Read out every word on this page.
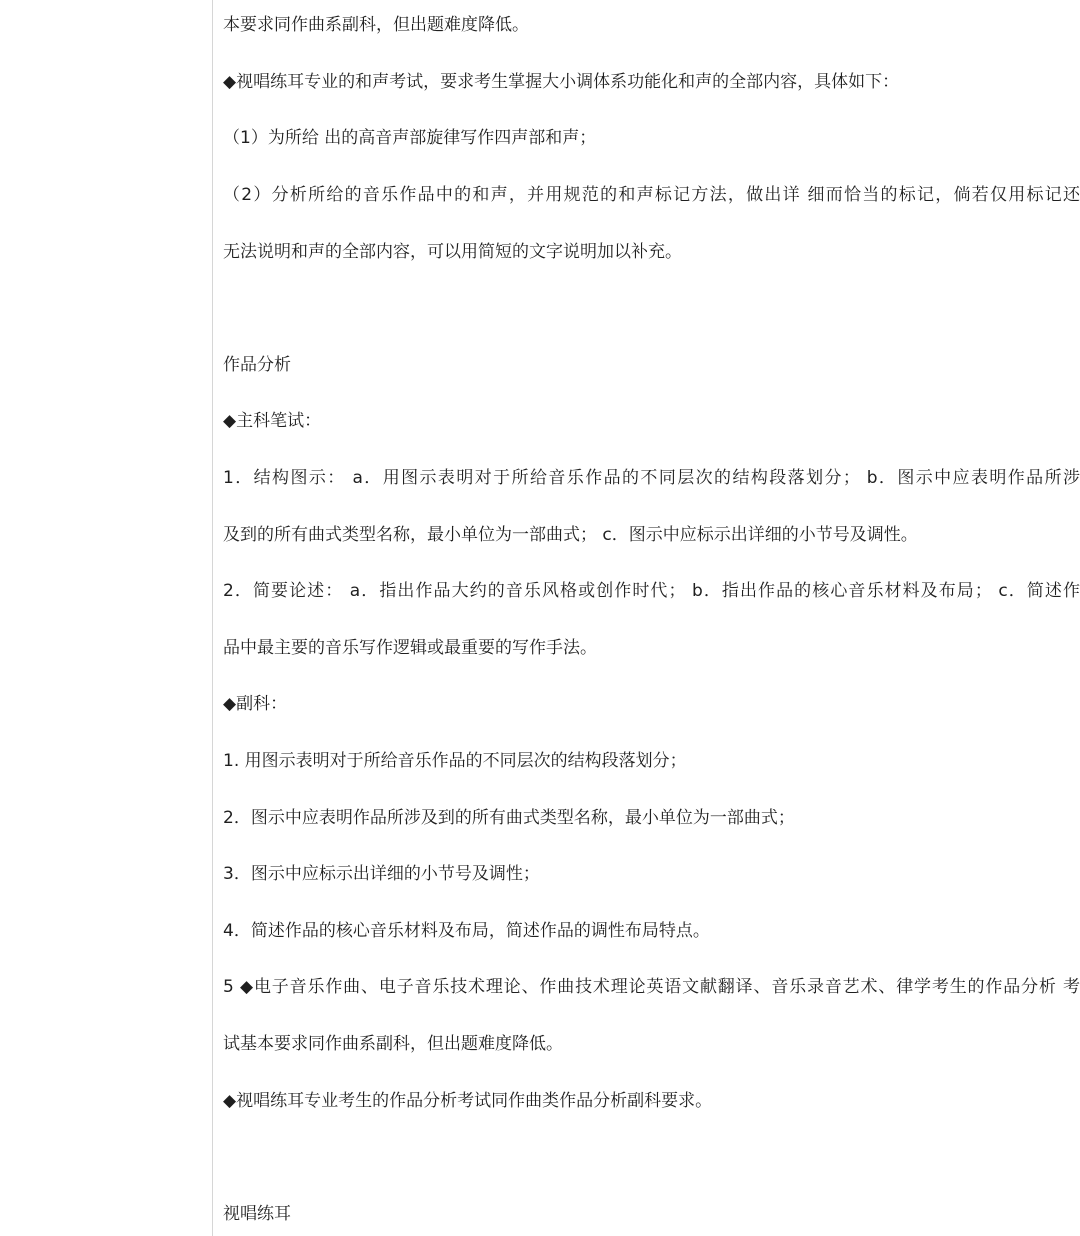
本要求同作曲系副科，但出题难度降低。
◆视唱练耳专业的和声考试，要求考生掌握大小调体系功能化和声的全部内容，具体如下：
（1）为所给 出的高音声部旋律写作四声部和声；
（2）分析所给的音乐作品中的和声，并用规范的和声标记方法，做出详 细而恰当的标记，倘若仅用标记还
无法说明和声的全部内容，可以用简短的文字说明加以补充。
作品分析
◆主科笔试：
1．结构图示： a．用图示表明对于所给音乐作品的不同层次的结构段落划分； b．图示中应表明作品所涉
及到的所有曲式类型名称，最小单位为一部曲式； c．图示中应标示出详细的小节号及调性。
2．简要论述： a．指出作品大约的音乐风格或创作时代； b．指出作品的核心音乐材料及布局； c．简述作
品中最主要的音乐写作逻辑或最重要的写作手法。
◆副科：
1. 用图示表明对于所给音乐作品的不同层次的结构段落划分；
2．图示中应表明作品所涉及到的所有曲式类型名称，最小单位为一部曲式；
3．图示中应标示出详细的小节号及调性；
4．简述作品的核心音乐材料及布局，简述作品的调性布局特点。
5 ◆电子音乐作曲、电子音乐技术理论、作曲技术理论英语文献翻译、音乐录音艺术、律学考生的作品分析 考
试基本要求同作曲系副科，但出题难度降低。
◆视唱练耳专业考生的作品分析考试同作曲类作品分析副科要求。
视唱练耳
